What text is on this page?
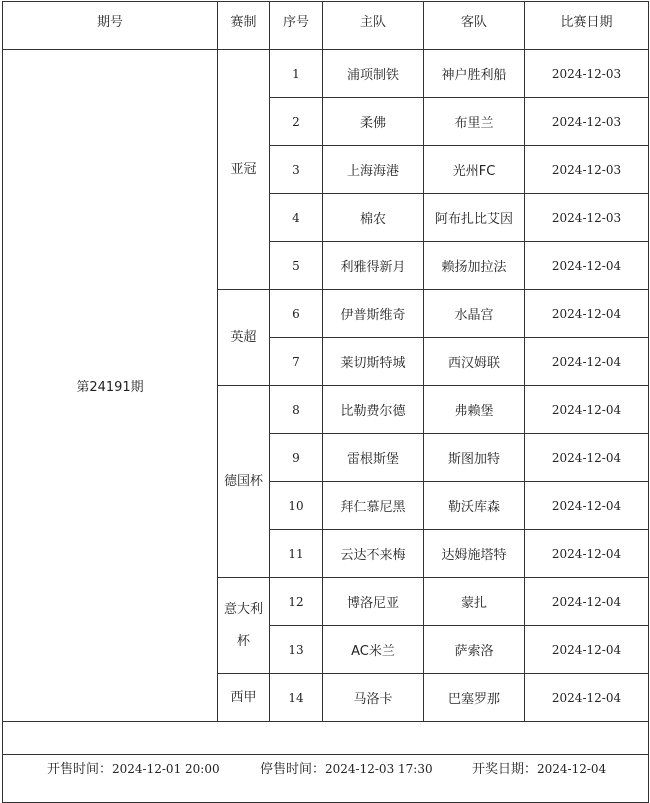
期号	赛制	序号	主队	客队	比赛日期
第24191期	亚冠	1	浦项制铁	神户胜利船	2024-12-03
		2	柔佛	布里兰	2024-12-03
		3	上海海港	光州FC	2024-12-03
		4	棉农	阿布扎比艾因	2024-12-03
		5	利雅得新月	赖扬加拉法	2024-12-04
	英超	6	伊普斯维奇	水晶宫	2024-12-04
		7	莱切斯特城	西汉姆联	2024-12-04
	德国杯	8	比勒费尔德	弗赖堡	2024-12-04
		9	雷根斯堡	斯图加特	2024-12-04
		10	拜仁慕尼黑	勒沃库森	2024-12-04
		11	云达不来梅	达姆施塔特	2024-12-04
	意大利杯	12	博洛尼亚	蒙扎	2024-12-04
		13	AC米兰	萨索洛	2024-12-04
	西甲	14	马洛卡	巴塞罗那	2024-12-04

开售时间：2024-12-01 20:00	停售时间：2024-12-03 17:30	开奖日期：2024-12-04
